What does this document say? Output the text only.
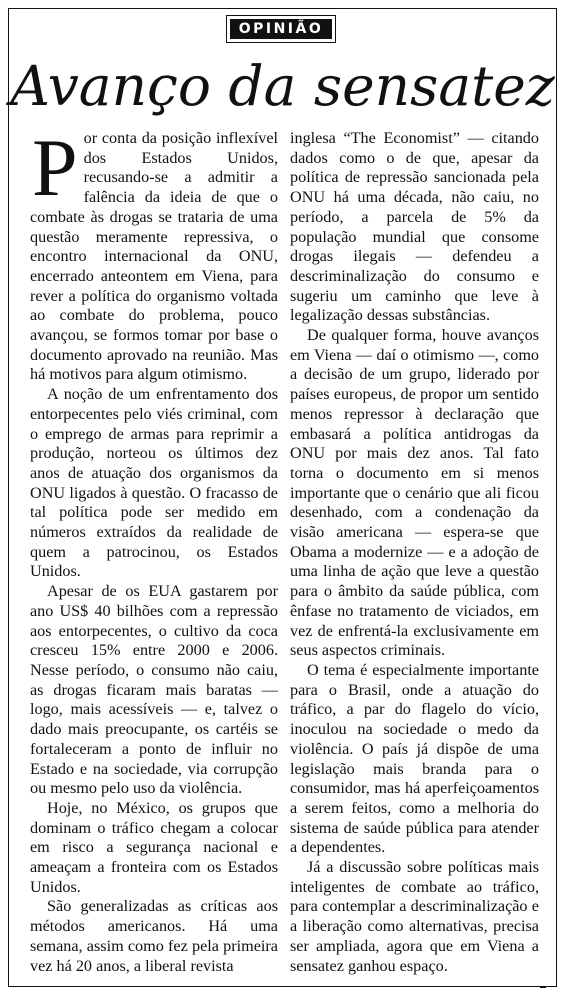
OPINIÃO
Avanço da sensatez

Por conta da posição inflexível dos Estados Unidos, recusando-se a admitir a falência da ideia de que o combate às drogas se trataria de uma questão meramente repressiva, o encontro internacional da ONU, encerrado anteontem em Viena, para rever a política do organismo voltada ao combate do problema, pouco avançou, se formos tomar por base o documento aprovado na reunião. Mas há motivos para algum otimismo.

A noção de um enfrentamento dos entorpecentes pelo viés criminal, com o emprego de armas para reprimir a produção, norteou os últimos dez anos de atuação dos organismos da ONU ligados à questão. O fracasso de tal política pode ser medido em números extraídos da realidade de quem a patrocinou, os Estados Unidos.

Apesar de os EUA gastarem por ano US$ 40 bilhões com a repressão aos entorpecentes, o cultivo da coca cresceu 15% entre 2000 e 2006. Nesse período, o consumo não caiu, as drogas ficaram mais baratas — logo, mais acessíveis — e, talvez o dado mais preocupante, os cartéis se fortaleceram a ponto de influir no Estado e na sociedade, via corrupção ou mesmo pelo uso da violência.

Hoje, no México, os grupos que dominam o tráfico chegam a colocar em risco a segurança nacional e ameaçam a fronteira com os Estados Unidos.

São generalizadas as críticas aos métodos americanos. Há uma semana, assim como fez pela primeira vez há 20 anos, a liberal revista

inglesa “The Economist” — citando dados como o de que, apesar da política de repressão sancionada pela ONU há uma década, não caiu, no período, a parcela de 5% da população mundial que consome drogas ilegais — defendeu a descriminalização do consumo e sugeriu um caminho que leve à legalização dessas substâncias.

De qualquer forma, houve avanços em Viena — daí o otimismo —, como a decisão de um grupo, liderado por países europeus, de propor um sentido menos repressor à declaração que embasará a política antidrogas da ONU por mais dez anos. Tal fato torna o documento em si menos importante que o cenário que ali ficou desenhado, com a condenação da visão americana — espera-se que Obama a modernize — e a adoção de uma linha de ação que leve a questão para o âmbito da saúde pública, com ênfase no tratamento de viciados, em vez de enfrentá-la exclusivamente em seus aspectos criminais.

O tema é especialmente importante para o Brasil, onde a atuação do tráfico, a par do flagelo do vício, inoculou na sociedade o medo da violência. O país já dispõe de uma legislação mais branda para o consumidor, mas há aperfeiçoamentos a serem feitos, como a melhoria do sistema de saúde pública para atender a dependentes.

Já a discussão sobre políticas mais inteligentes de combate ao tráfico, para contemplar a descriminalização e a liberação como alternativas, precisa ser ampliada, agora que em Viena a sensatez ganhou espaço.
